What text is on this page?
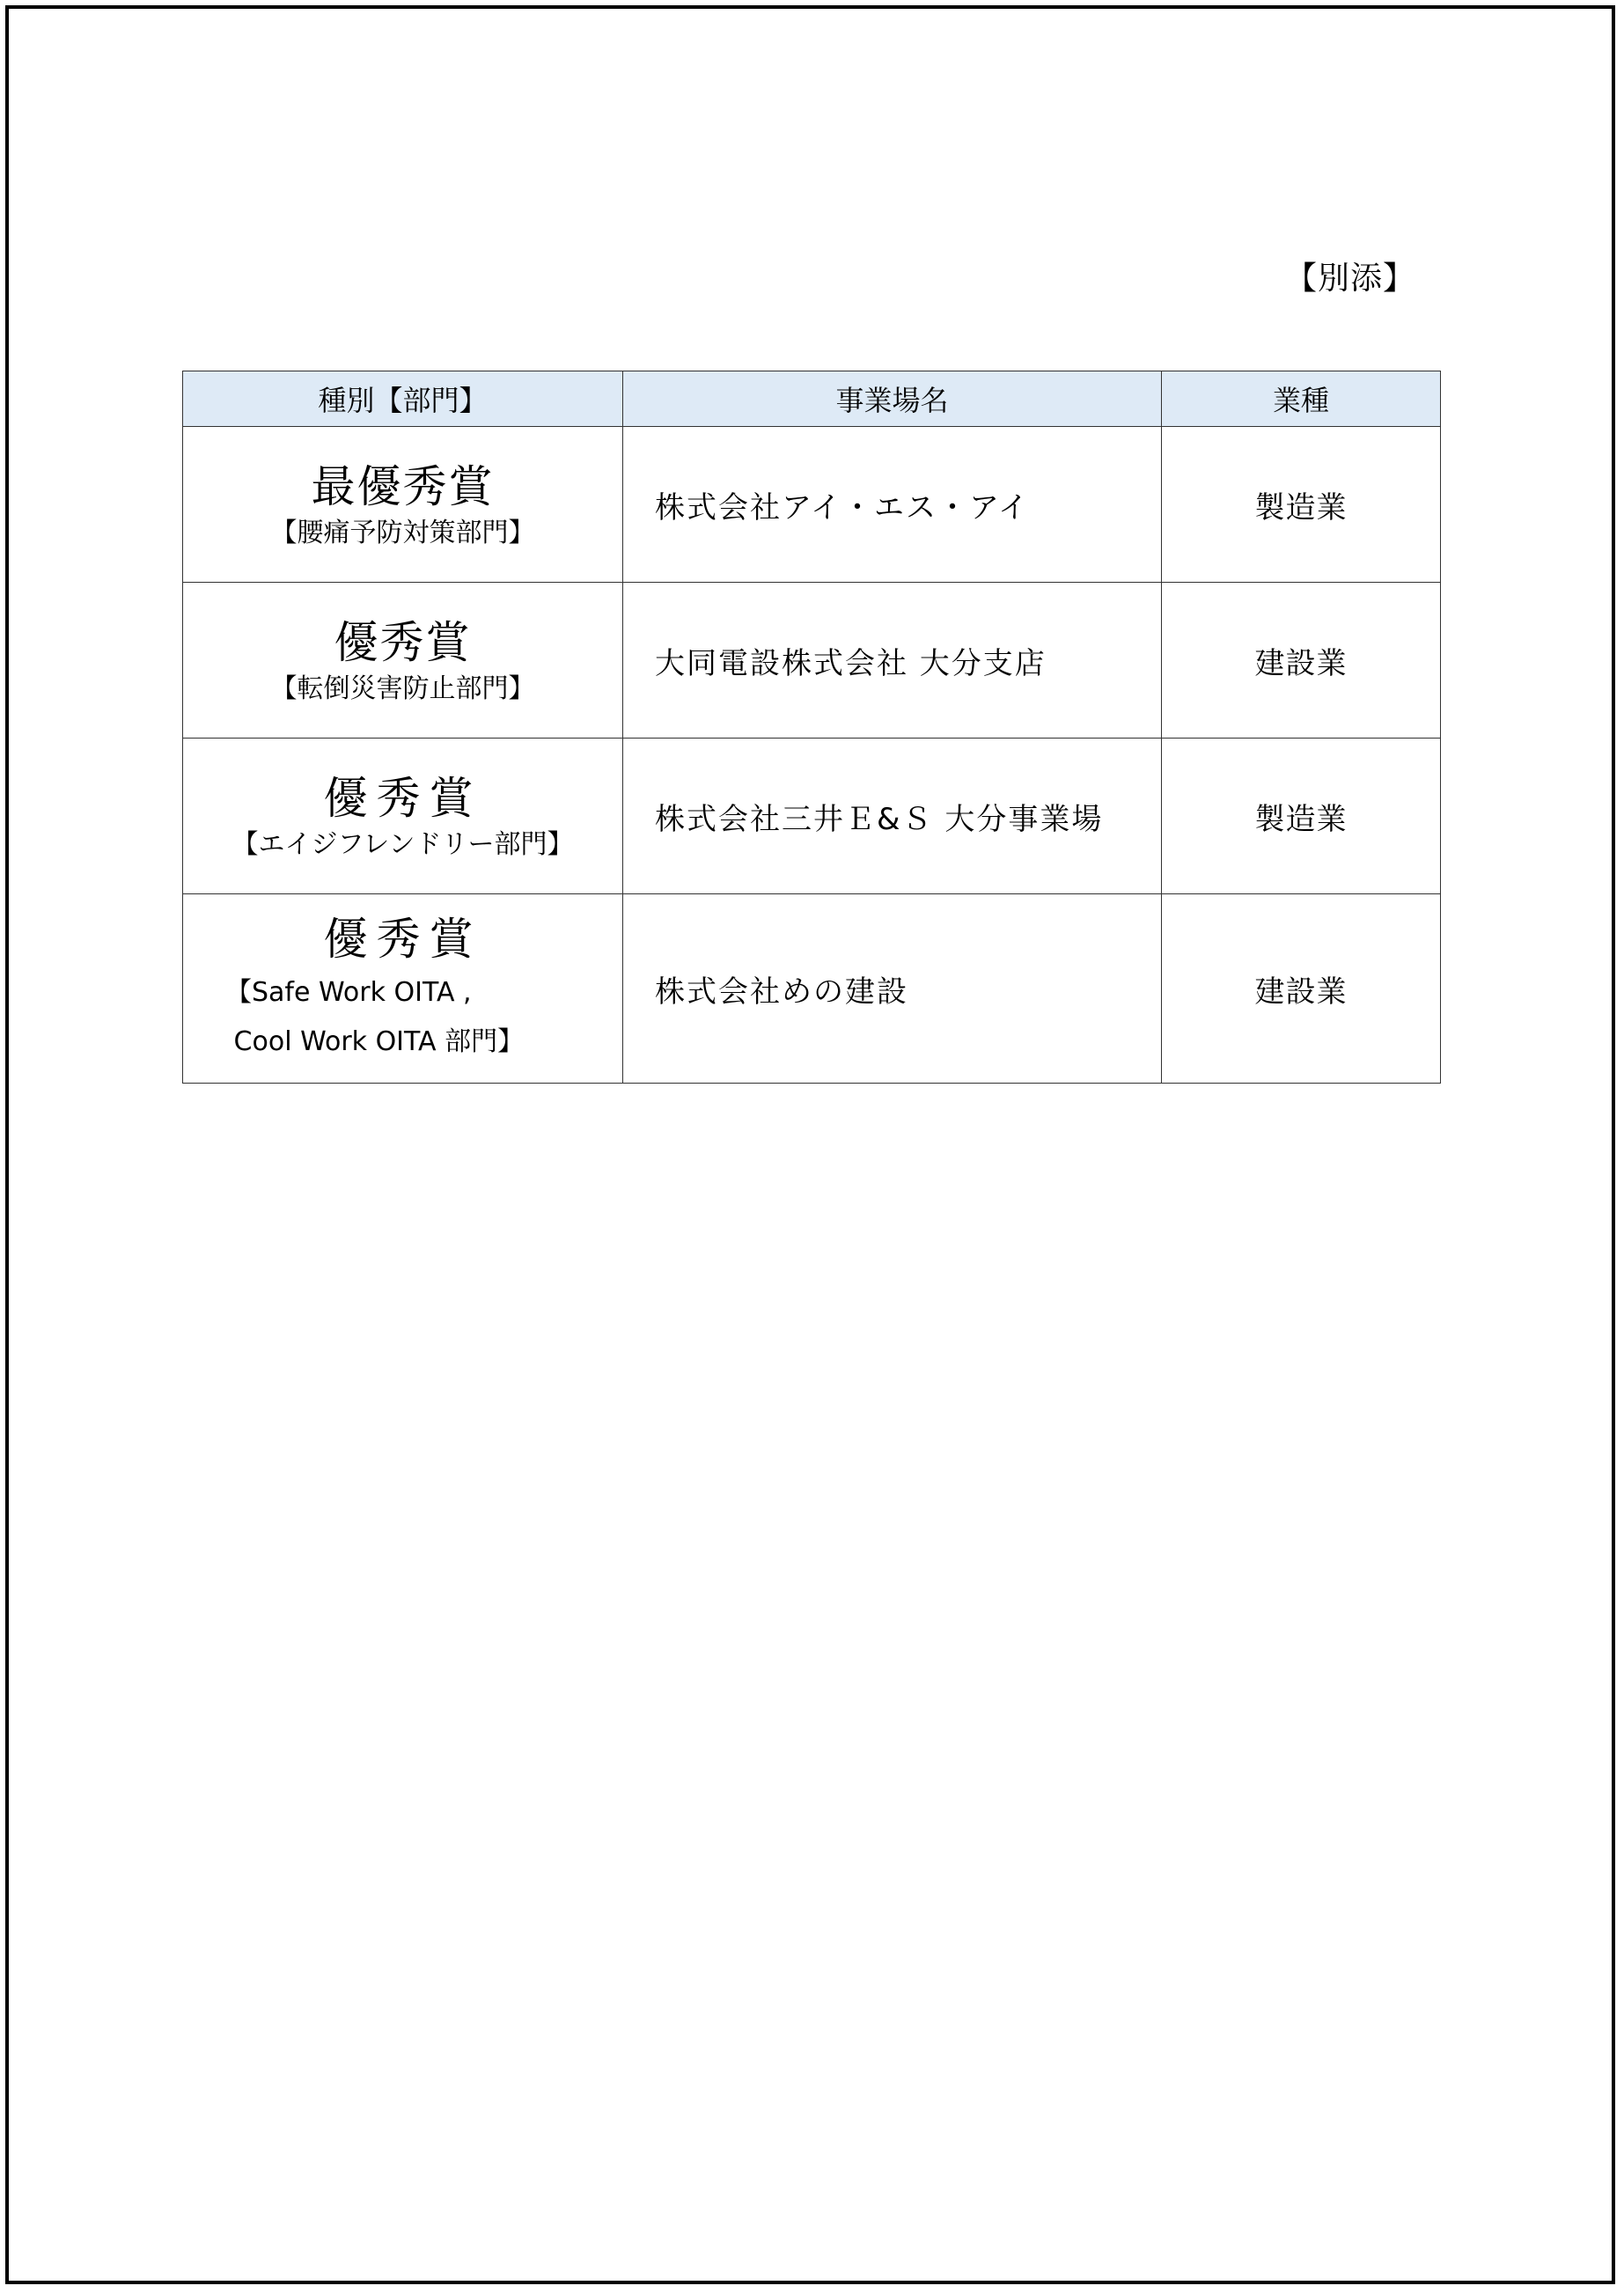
【別添】
種別【部門】	事業場名	業種

最優秀賞
【腰痛予防対策部門】	株式会社アイ・エス・アイ	製造業

優秀賞
【転倒災害防止部門】	大同電設株式会社 大分支店	建設業

優秀賞
【エイジフレンドリー部門】	株式会社三井Ｅ&Ｓ 大分事業場	製造業

優秀賞
【Safe Work OITA ,
Cool Work OITA 部門】	株式会社めの建設	建設業
